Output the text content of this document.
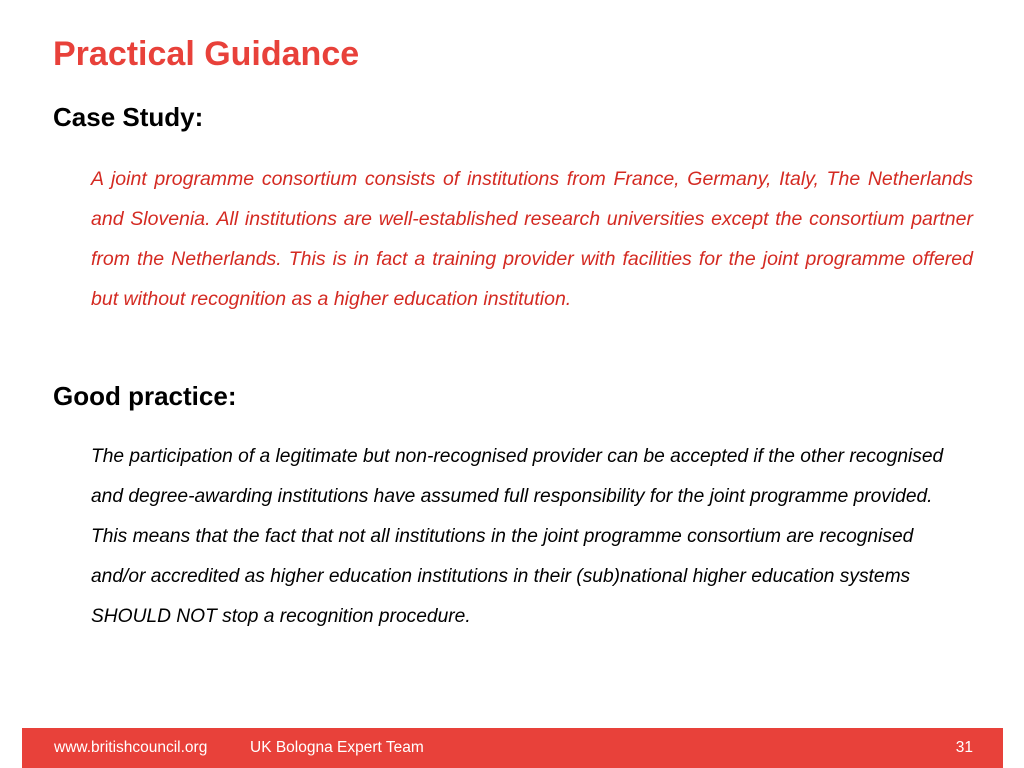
Practical Guidance
Case Study:

A joint programme consortium consists of institutions from France, Germany, Italy, The Netherlands and Slovenia. All institutions are well-established research universities except the consortium partner from the Netherlands. This is in fact a training provider with facilities for the joint programme offered but without recognition as a higher education institution.

Good practice:

The participation of a legitimate but non-recognised provider can be accepted if the other recognised and degree-awarding institutions have assumed full responsibility for the joint programme provided. This means that the fact that not all institutions in the joint programme consortium are recognised and/or accredited as higher education institutions in their (sub)national higher education systems SHOULD NOT stop a recognition procedure.

www.britishcouncil.org	UK Bologna Expert Team	31
